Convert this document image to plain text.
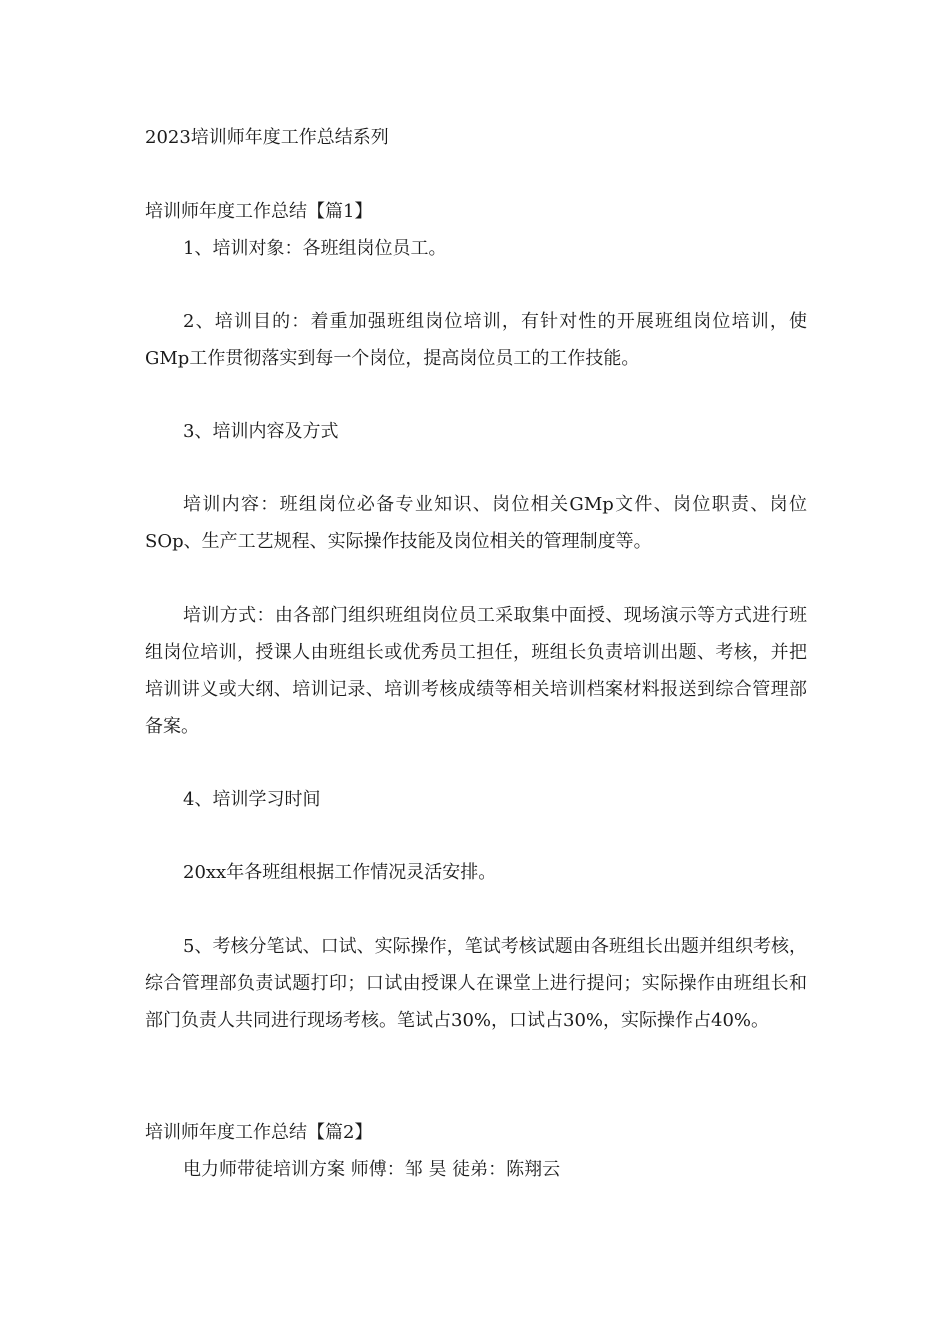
2023培训师年度工作总结系列
培训师年度工作总结【篇1】

1、培训对象：各班组岗位员工。

2、培训目的：着重加强班组岗位培训，有针对性的开展班组岗位培训，使GMp工作贯彻落实到每一个岗位，提高岗位员工的工作技能。

3、培训内容及方式

培训内容：班组岗位必备专业知识、岗位相关GMp文件、岗位职责、岗位SOp、生产工艺规程、实际操作技能及岗位相关的管理制度等。

培训方式：由各部门组织班组岗位员工采取集中面授、现场演示等方式进行班组岗位培训，授课人由班组长或优秀员工担任，班组长负责培训出题、考核，并把培训讲义或大纲、培训记录、培训考核成绩等相关培训档案材料报送到综合管理部备案。

4、培训学习时间

20xx年各班组根据工作情况灵活安排。

5、考核分笔试、口试、实际操作，笔试考核试题由各班组长出题并组织考核，综合管理部负责试题打印；口试由授课人在课堂上进行提问；实际操作由班组长和部门负责人共同进行现场考核。笔试占30%，口试占30%，实际操作占40%。

培训师年度工作总结【篇2】

电力师带徒培训方案 师傅：邹 昊 徒弟：陈翔云
